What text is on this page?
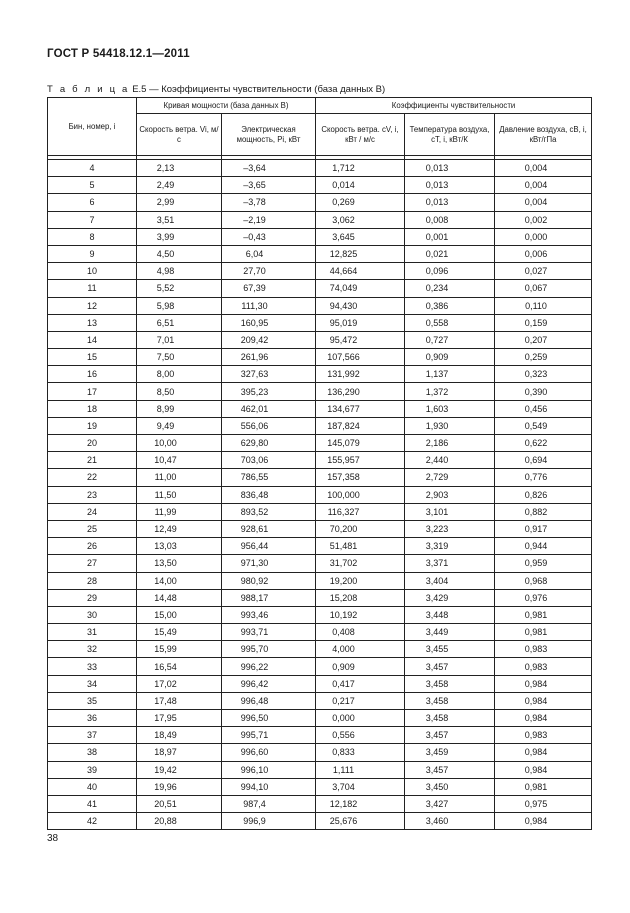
ГОСТ Р 54418.12.1—2011
Т а б л и ц а Е.5 — Коэффициенты чувствительности (база данных В)
Бин, номер, i	Кривая мощности (база данных В)		Коэффициенты чувствительности		
	Скорость ветра. Vi, м/с	Электрическая мощность, Pi, кВт	Скорость ветра. cV, i, кВт / м/с	Температура воздуха, cT, i, кВт/К	Давление воздуха, cB, i, кВт/гПа

4	2,13	–3,64	1,712	0,013	0,004
5	2,49	–3,65	0,014	0,013	0,004
6	2,99	–3,78	0,269	0,013	0,004
7	3,51	–2,19	3,062	0,008	0,002
8	3,99	–0,43	3,645	0,001	0,000
9	4,50	6,04	12,825	0,021	0,006
10	4,98	27,70	44,664	0,096	0,027
11	5,52	67,39	74,049	0,234	0,067
12	5,98	111,30	94,430	0,386	0,110
13	6,51	160,95	95,019	0,558	0,159
14	7,01	209,42	95,472	0,727	0,207
15	7,50	261,96	107,566	0,909	0,259
16	8,00	327,63	131,992	1,137	0,323
17	8,50	395,23	136,290	1,372	0,390
18	8,99	462,01	134,677	1,603	0,456
19	9,49	556,06	187,824	1,930	0,549
20	10,00	629,80	145,079	2,186	0,622
21	10,47	703,06	155,957	2,440	0,694
22	11,00	786,55	157,358	2,729	0,776
23	11,50	836,48	100,000	2,903	0,826
24	11,99	893,52	116,327	3,101	0,882
25	12,49	928,61	70,200	3,223	0,917
26	13,03	956,44	51,481	3,319	0,944
27	13,50	971,30	31,702	3,371	0,959
28	14,00	980,92	19,200	3,404	0,968
29	14,48	988,17	15,208	3,429	0,976
30	15,00	993,46	10,192	3,448	0,981
31	15,49	993,71	0,408	3,449	0,981
32	15,99	995,70	4,000	3,455	0,983
33	16,54	996,22	0,909	3,457	0,983
34	17,02	996,42	0,417	3,458	0,984
35	17,48	996,48	0,217	3,458	0,984
36	17,95	996,50	0,000	3,458	0,984
37	18,49	995,71	0,556	3,457	0,983
38	18,97	996,60	0,833	3,459	0,984
39	19,42	996,10	1,111	3,457	0,984
40	19,96	994,10	3,704	3,450	0,981
41	20,51	987,4	12,182	3,427	0,975
42	20,88	996,9	25,676	3,460	0,984
38
